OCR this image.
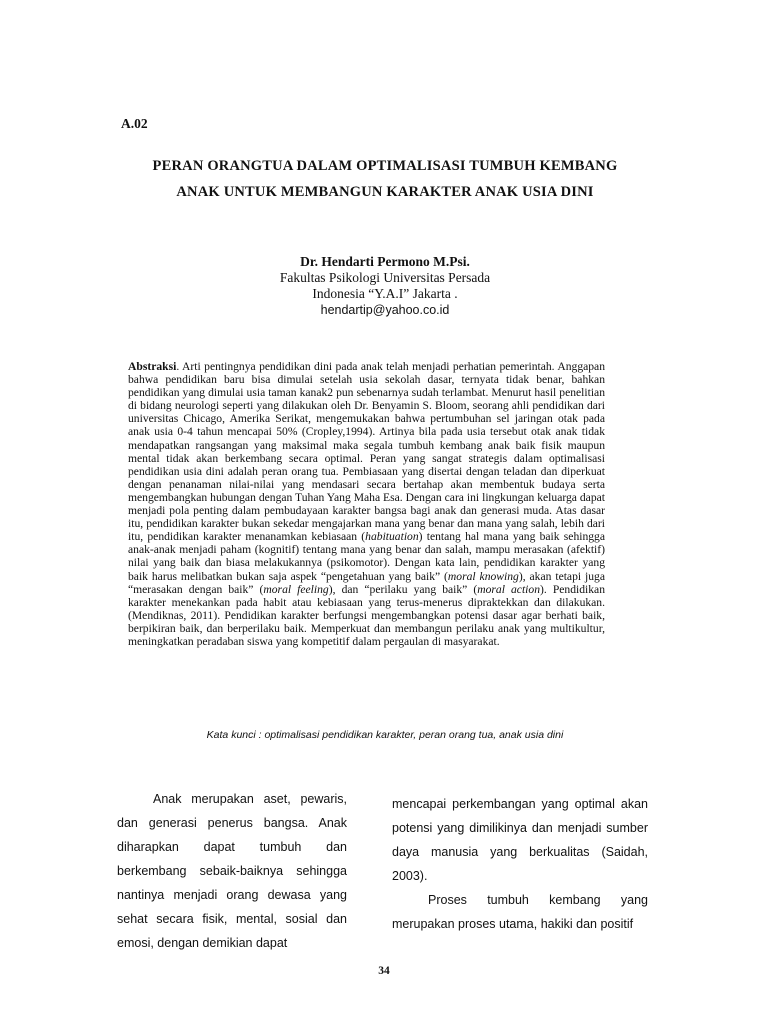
A.02
PERAN ORANGTUA DALAM OPTIMALISASI TUMBUH KEMBANG
ANAK UNTUK MEMBANGUN KARAKTER ANAK USIA DINI
Dr. Hendarti Permono M.Psi.
Fakultas Psikologi Universitas Persada
Indonesia “Y.A.I” Jakarta .
hendartip@yahoo.co.id
Abstraksi. Arti pentingnya pendidikan dini pada anak telah menjadi perhatian pemerintah. Anggapan bahwa pendidikan baru bisa dimulai setelah usia sekolah dasar, ternyata tidak benar, bahkan pendidikan yang dimulai usia taman kanak2 pun sebenarnya sudah terlambat. Menurut hasil penelitian di bidang neurologi seperti yang dilakukan oleh Dr. Benyamin S. Bloom, seorang ahli pendidikan dari universitas Chicago, Amerika Serikat, mengemukakan bahwa pertumbuhan sel jaringan otak pada anak usia 0-4 tahun mencapai 50% (Cropley,1994). Artinya bila pada usia tersebut otak anak tidak mendapatkan rangsangan yang maksimal maka segala tumbuh kembang anak baik fisik maupun mental tidak akan berkembang secara optimal. Peran yang sangat strategis dalam optimalisasi pendidikan usia dini adalah peran orang tua. Pembiasaan yang disertai dengan teladan dan diperkuat dengan penanaman nilai-nilai yang mendasari secara bertahap akan membentuk budaya serta mengembangkan hubungan dengan Tuhan Yang Maha Esa. Dengan cara ini lingkungan keluarga dapat menjadi pola penting dalam pembudayaan karakter bangsa bagi anak dan generasi muda. Atas dasar itu, pendidikan karakter bukan sekedar mengajarkan mana yang benar dan mana yang salah, lebih dari itu, pendidikan karakter menanamkan kebiasaan (habituation) tentang hal mana yang baik sehingga anak-anak menjadi paham (kognitif) tentang mana yang benar dan salah, mampu merasakan (afektif) nilai yang baik dan biasa melakukannya (psikomotor). Dengan kata lain, pendidikan karakter yang baik harus melibatkan bukan saja aspek “pengetahuan yang baik” (moral knowing), akan tetapi juga “merasakan dengan baik” (moral feeling), dan “perilaku yang baik” (moral action). Pendidikan karakter menekankan pada habit atau kebiasaan yang terus-menerus dipraktekkan dan dilakukan. (Mendiknas, 2011). Pendidikan karakter berfungsi mengembangkan potensi dasar agar berhati baik, berpikiran baik, dan berperilaku baik. Memperkuat dan membangun perilaku anak yang multikultur, meningkatkan peradaban siswa yang kompetitif dalam pergaulan di masyarakat.
Kata kunci : optimalisasi pendidikan karakter, peran orang tua, anak usia dini

Anak merupakan aset, pewaris, dan generasi penerus bangsa. Anak diharapkan dapat tumbuh dan berkembang sebaik-baiknya sehingga nantinya menjadi orang dewasa yang sehat secara fisik, mental, sosial dan emosi, dengan demikian dapat

mencapai perkembangan yang optimal akan potensi yang dimilikinya dan menjadi sumber daya manusia yang berkualitas (Saidah, 2003).

Proses tumbuh kembang yang merupakan proses utama, hakiki dan positif

34
